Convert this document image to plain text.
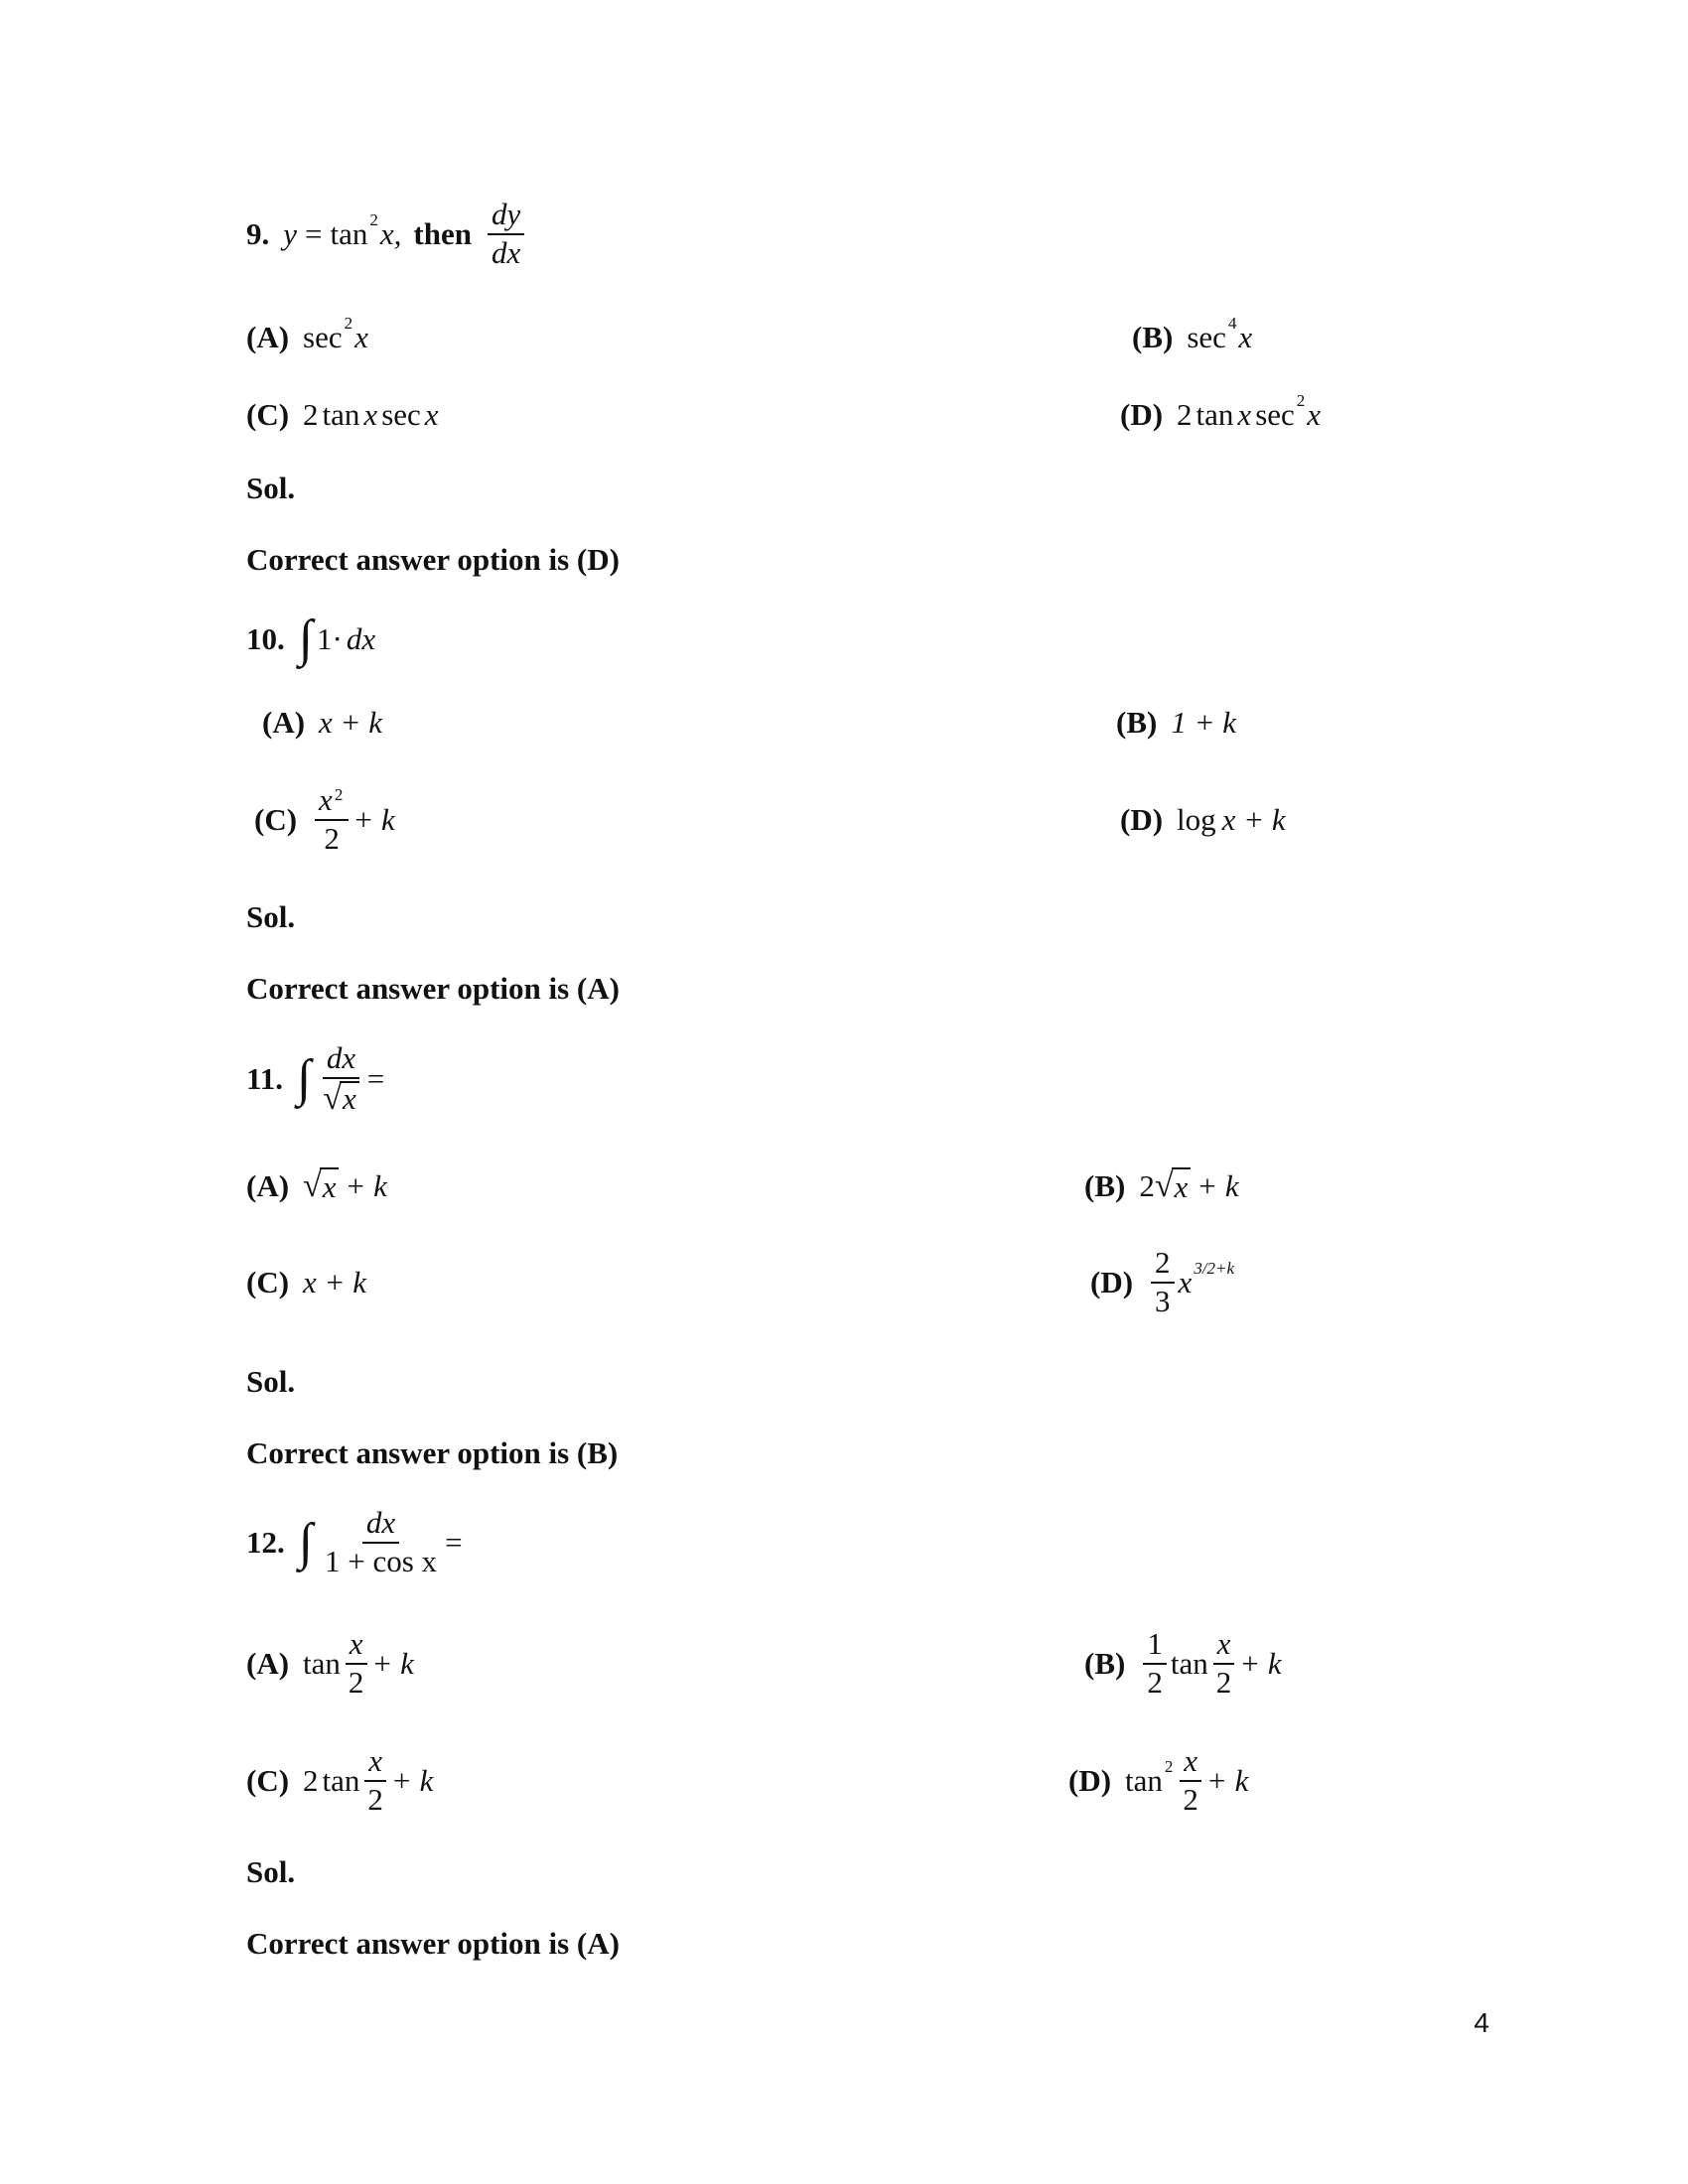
9. y = tan 2 x, then $\frac{dy}{dx}$
(A) sec 2 x	(B) sec 4 x
(C) 2 tan x sec x	(D) 2 tan x sec 2 x
Sol.
Correct answer option is (D)
10. ∫ 1· dx
(A) x + k	(B) 1 + k
$(C) \frac{x ^2}{2} + k$	(D) log x + k
Sol.
Correct answer option is (A)
11. ∫ $\frac{dx}{√ x}$ =
(A) √ x + k	(B) 2 √ x + k
(C) x + k	$(D) \frac{2}{3}$ x 3/2+k
Sol.
Correct answer option is (B)
12. ∫ $\frac{dx}{\text{1 + cos x}}$ =
(A) $\tan \frac{x}{2} + k$	$(B) \frac{1}{2}$ $\tan \frac{x}{2} + k$
(C) 2 $\tan \frac{x}{2} + k$	(D) $\tan 2 \frac{x}{2} + k$
Sol.
Correct answer option is (A)
4
